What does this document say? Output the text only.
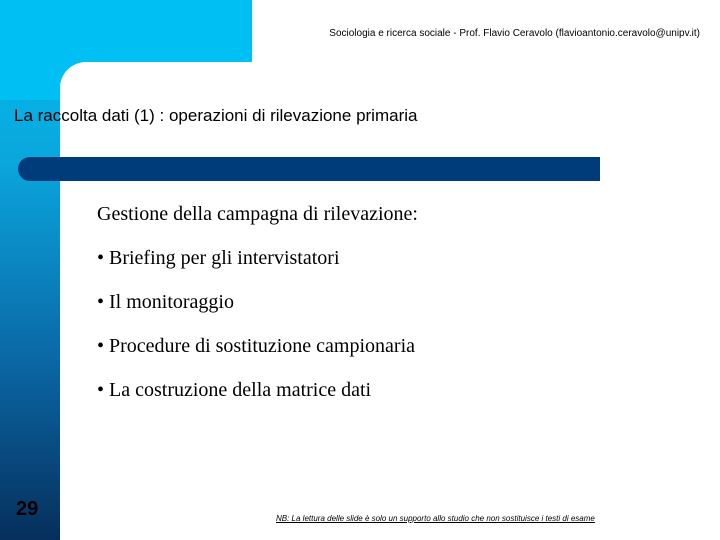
Sociologia e ricerca sociale - Prof. Flavio Ceravolo (flavioantonio.ceravolo@unipv.it)
La raccolta dati (1) : operazioni di rilevazione primaria
Gestione della campagna di rilevazione:
• Briefing per gli intervistatori
• Il monitoraggio
• Procedure di sostituzione campionaria
• La costruzione della matrice dati
29	NB: La lettura delle slide è solo un supporto allo studio che non sostituisce i testi di esame
